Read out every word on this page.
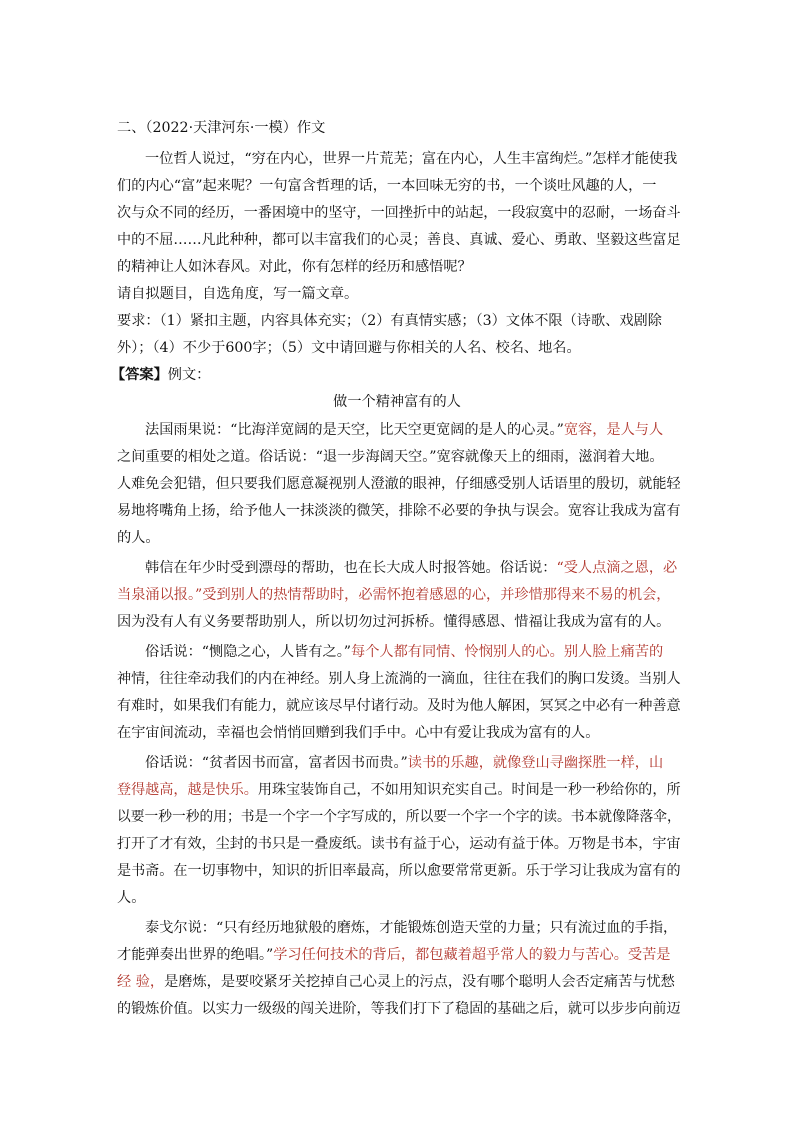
二、（2022·天津河东·一模）作文
一位哲人说过，“穷在内心，世界一片荒芜；富在内心，人生丰富绚烂。”怎样才能使我
们的内心“富”起来呢？一句富含哲理的话，一本回味无穷的书，一个谈吐风趣的人，一
次与众不同的经历，一番困境中的坚守，一回挫折中的站起，一段寂寞中的忍耐，一场奋斗
中的不屈……凡此种种，都可以丰富我们的心灵；善良、真诚、爱心、勇敢、坚毅这些富足
的精神让人如沐春风。对此，你有怎样的经历和感悟呢？
请自拟题目，自选角度，写一篇文章。
要求：（1）紧扣主题，内容具体充实；（2）有真情实感；（3）文体不限（诗歌、戏剧除
外）；（4）不少于600字；（5）文中请回避与你相关的人名、校名、地名。
【答案】例文：
做一个精神富有的人
法国雨果说：“比海洋宽阔的是天空，比天空更宽阔的是人的心灵。”宽容，是人与人
之间重要的相处之道。俗话说：“退一步海阔天空。”宽容就像天上的细雨，滋润着大地。
人难免会犯错，但只要我们愿意凝视别人澄澈的眼神，仔细感受别人话语里的殷切，就能轻
易地将嘴角上扬，给予他人一抹淡淡的微笑，排除不必要的争执与误会。宽容让我成为富有
的人。
韩信在年少时受到漂母的帮助，也在长大成人时报答她。俗话说：“受人点滴之恩，必
当泉涌以报。”受到别人的热情帮助时，必需怀抱着感恩的心，并珍惜那得来不易的机会，
因为没有人有义务要帮助别人，所以切勿过河拆桥。懂得感恩、惜福让我成为富有的人。
俗话说：“恻隐之心，人皆有之。”每个人都有同情、怜悯别人的心。别人脸上痛苦的
神情，往往牵动我们的内在神经。别人身上流淌的一滴血，往往在我们的胸口发烫。当别人
有难时，如果我们有能力，就应该尽早付诸行动。及时为他人解困，冥冥之中必有一种善意
在宇宙间流动，幸福也会悄悄回赠到我们手中。心中有爱让我成为富有的人。
俗话说：“贫者因书而富，富者因书而贵。”读书的乐趣，就像登山寻幽探胜一样，山
登得越高，越是快乐。用珠宝装饰自己，不如用知识充实自己。时间是一秒一秒给你的，所
以要一秒一秒的用；书是一个字一个字写成的，所以要一个字一个字的读。书本就像降落伞，
打开了才有效，尘封的书只是一叠废纸。读书有益于心，运动有益于体。万物是书本，宇宙
是书斋。在一切事物中，知识的折旧率最高，所以愈要常常更新。乐于学习让我成为富有的
人。
泰戈尔说：“只有经历地狱般的磨炼，才能锻炼创造天堂的力量；只有流过血的手指，
才能弹奏出世界的绝唱。”学习任何技术的背后，都包藏着超乎常人的毅力与苦心。受苦是
经 验，是磨炼，是要咬紧牙关挖掉自己心灵上的污点，没有哪个聪明人会否定痛苦与忧愁
的锻炼价值。以实力一级级的闯关进阶，等我们打下了稳固的基础之后，就可以步步向前迈
